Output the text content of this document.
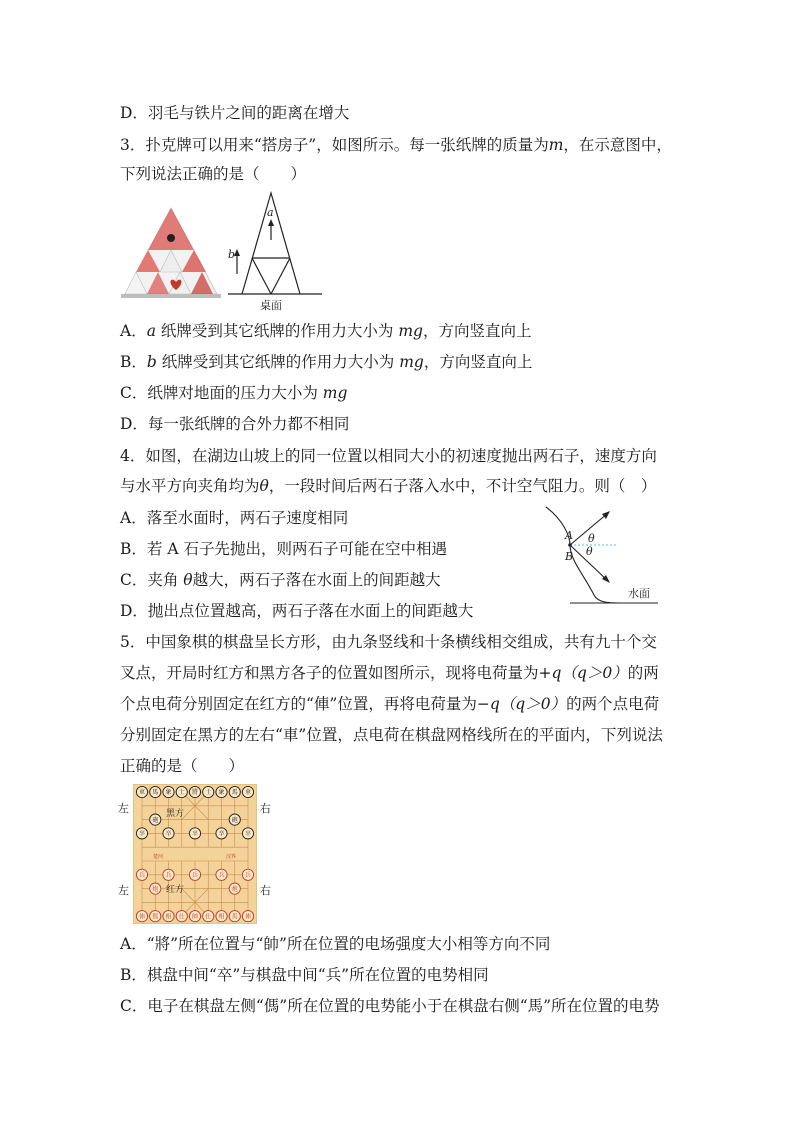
D．羽毛与铁片之间的距离在增大
3．扑克牌可以用来“搭房子”，如图所示。每一张纸牌的质量为m，在示意图中，
下列说法正确的是（　　）
a
b
桌面
A．a 纸牌受到其它纸牌的作用力大小为 mg，方向竖直向上
B．b 纸牌受到其它纸牌的作用力大小为 mg，方向竖直向上
C．纸牌对地面的压力大小为 mg
D．每一张纸牌的合外力都不相同
4．如图，在湖边山坡上的同一位置以相同大小的初速度抛出两石子，速度方向
与水平方向夹角均为θ，一段时间后两石子落入水中，不计空气阻力。则（　）
A．落至水面时，两石子速度相同
B．若 A 石子先抛出，则两石子可能在空中相遇
C．夹角 θ越大，两石子落在水面上的间距越大
D．抛出点位置越高，两石子落在水面上的间距越大
A
B
θ
θ
水面
5．中国象棋的棋盘呈长方形，由九条竖线和十条横线相交组成，共有九十个交
叉点，开局时红方和黑方各子的位置如图所示，现将电荷量为+q（q＞0）的两
个点电荷分别固定在红方的“俥”位置，再将电荷量为−q（q＞0）的两个点电荷
分别固定在黑方的左右“車”位置，点电荷在棋盘网格线所在的平面内，下列说法
正确的是（　　）
左	右
左	右
黑方
红方
楚河	汉界
車 馬 象 士 將 士 象 馬 車
砲	砲
卒	卒	卒	卒	卒
兵	兵	兵	兵	兵
炮	炮
俥 傌 相 仕 帥 仕 相 馬 俥
A．“將”所在位置与“帥”所在位置的电场强度大小相等方向不同
B．棋盘中间“卒”与棋盘中间“兵”所在位置的电势相同
C．电子在棋盘左侧“傌”所在位置的电势能小于在棋盘右侧“馬”所在位置的电势
